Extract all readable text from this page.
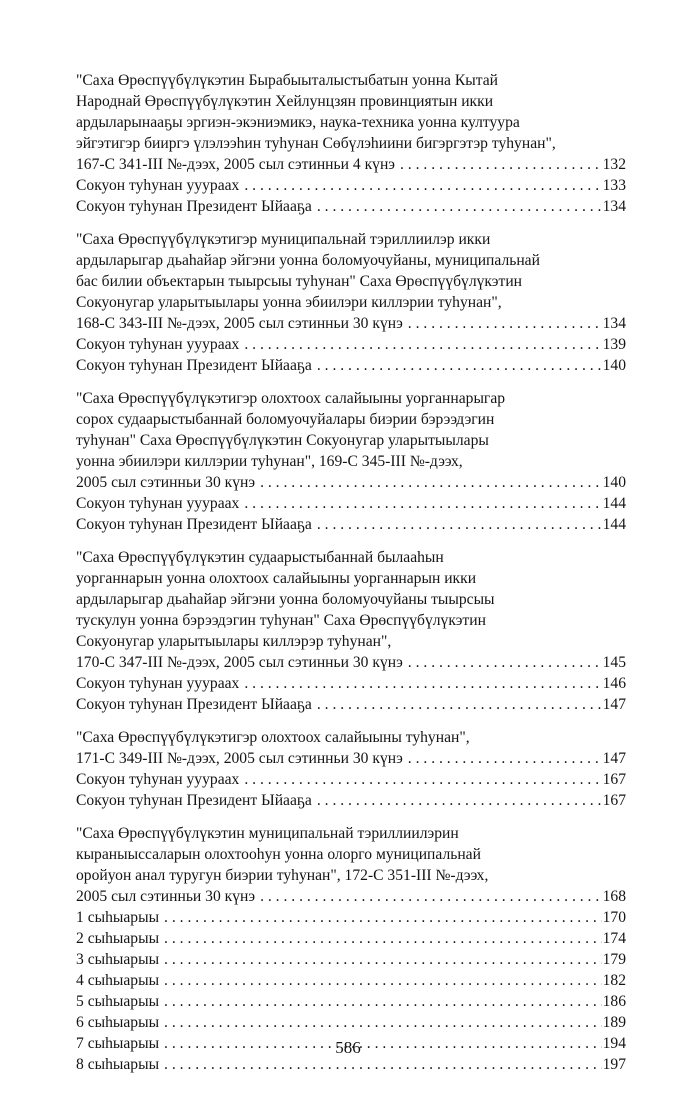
"Саха Өрөспүүбүлүкэтин Бырабыыталыстыбатын уонна Кытай
Народнай Өрөспүүбүлүкэтин Хейлунцзян провинциятын икки
ардыларынааҕы эргиэн-экэниэмикэ, наука-техника уонна култуура
эйгэтигэр бииргэ үлэлээһин туһунан Сөбүлэһиини бигэргэтэр туһунан",
167-С 341-III №-дээх, 2005 сыл сэтинньи 4 күнэ . . .	132
Сокуон туһунан ууураах . . .	133
Сокуон туһунан Президент Ыйааҕа . . .	134
"Саха Өрөспүүбүлүкэтигэр муниципальнай тэриллиилэр икки
ардыларыгар дьаһайар эйгэни уонна боломуочуйаны, муниципальнай
бас билии объектарын тыырсыы туһунан" Саха Өрөспүүбүлүкэтин
Сокуонугар уларытыылары уонна эбиилэри киллэрии туһунан",
168-С 343-III №-дээх, 2005 сыл сэтинньи 30 күнэ . . .	134
Сокуон туһунан ууураах . . .	139
Сокуон туһунан Президент Ыйааҕа . . .	140
"Саха Өрөспүүбүлүкэтигэр олохтоох салайыыны уорганнарыгар
сорох судаарыстыбаннай боломуочуйалары биэрии бэрээдэгин
туһунан" Саха Өрөспүүбүлүкэтин Сокуонугар уларытыылары
уонна эбиилэри киллэрии туһунан", 169-С 345-III №-дээх,
2005 сыл сэтинньи 30 күнэ . . .	140
Сокуон туһунан ууураах . . .	144
Сокуон туһунан Президент Ыйааҕа . . .	144
"Саха Өрөспүүбүлүкэтин судаарыстыбаннай былааһын
уорганнарын уонна олохтоох салайыыны уорганнарын икки
ардыларыгар дьаһайар эйгэни уонна боломуочуйаны тыырсыы
тускулун уонна бэрээдэгин туһунан" Саха Өрөспүүбүлүкэтин
Сокуонугар уларытыылары киллэрэр туһунан",
170-С 347-III №-дээх, 2005 сыл сэтинньи 30 күнэ . . .	145
Сокуон туһунан ууураах . . .	146
Сокуон туһунан Президент Ыйааҕа . . .	147
"Саха Өрөспүүбүлүкэтигэр олохтоох салайыыны туһунан",
171-С 349-III №-дээх, 2005 сыл сэтинньи 30 күнэ . . .	147
Сокуон туһунан ууураах . . .	167
Сокуон туһунан Президент Ыйааҕа . . .	167
"Саха Өрөспүүбүлүкэтин муниципальнай тэриллиилэрин
кыраныыссаларын олохтооһун уонна олорго муниципальнай
оройуон анал туругун биэрии туһунан", 172-С 351-III №-дээх,
2005 сыл сэтинньи 30 күнэ . . .	168
1 сыһыарыы . . .	170
2 сыһыарыы . . .	174
3 сыһыарыы . . .	179
4 сыһыарыы . . .	182
5 сыһыарыы . . .	186
6 сыһыарыы . . .	189
7 сыһыарыы . . .	194
8 сыһыарыы . . .	197
586
